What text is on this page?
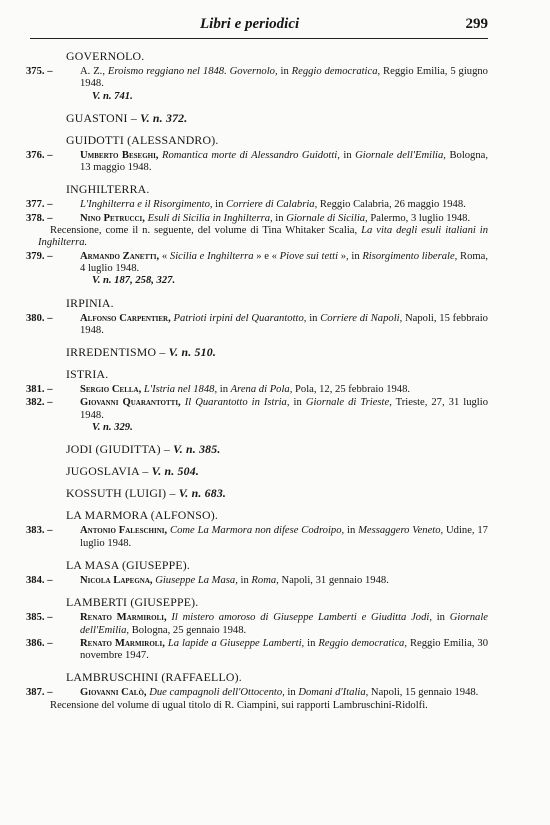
Libri e periodici	299
GOVERNOLO.
375. –	A. Z., Eroismo reggiano nel 1848. Governolo, in Reggio democratica, Reggio Emilia, 5 giugno 1948.
V. n. 741.
GUASTONI – V. n. 372.
GUIDOTTI (ALESSANDRO).
376. –	Umberto Beseghi, Romantica morte di Alessandro Guidotti, in Giornale dell'Emilia, Bologna, 13 maggio 1948.
INGHILTERRA.
377. –	L'Inghilterra e il Risorgimento, in Corriere di Calabria, Reggio Calabria, 26 maggio 1948.
378. –	Nino Petrucci, Esuli di Sicilia in Inghilterra, in Giornale di Sicilia, Palermo, 3 luglio 1948.
Recensione, come il n. seguente, del volume di Tina Whitaker Scalia, La vita degli esuli italiani in Inghilterra.
379. –	Armando Zanetti, « Sicilia e Inghilterra » e « Piove sui tetti », in Risorgimento liberale, Roma, 4 luglio 1948.
V. n. 187, 258, 327.
IRPINIA.
380. –	Alfonso Carpentier, Patrioti irpini del Quarantotto, in Corriere di Napoli, Napoli, 15 febbraio 1948.
IRREDENTISMO – V. n. 510.
ISTRIA.
381. –	Sergio Cella, L'Istria nel 1848, in Arena di Pola, Pola, 12, 25 febbraio 1948.
382. –	Giovanni Quarantotti, Il Quarantotto in Istria, in Giornale di Trieste, Trieste, 27, 31 luglio 1948.
V. n. 329.
JODI (GIUDITTA) – V. n. 385.
JUGOSLAVIA – V. n. 504.
KOSSUTH (LUIGI) – V. n. 683.
LA MARMORA (ALFONSO).
383. –	Antonio Faleschini, Come La Marmora non difese Codroipo, in Messaggero Veneto, Udine, 17 luglio 1948.
LA MASA (GIUSEPPE).
384. –	Nicola Lapegna, Giuseppe La Masa, in Roma, Napoli, 31 gennaio 1948.
LAMBERTI (GIUSEPPE).
385. –	Renato Marmiroli, Il mistero amoroso di Giuseppe Lamberti e Giuditta Jodi, in Giornale dell'Emilia, Bologna, 25 gennaio 1948.
386. –	Renato Marmiroli, La lapide a Giuseppe Lamberti, in Reggio democratica, Reggio Emilia, 30 novembre 1947.
LAMBRUSCHINI (RAFFAELLO).
387. –	Giovanni Calò, Due campagnoli dell'Ottocento, in Domani d'Italia, Napoli, 15 gennaio 1948.
Recensione del volume di ugual titolo di R. Ciampini, sui rapporti Lambruschini-Ridolfi.
